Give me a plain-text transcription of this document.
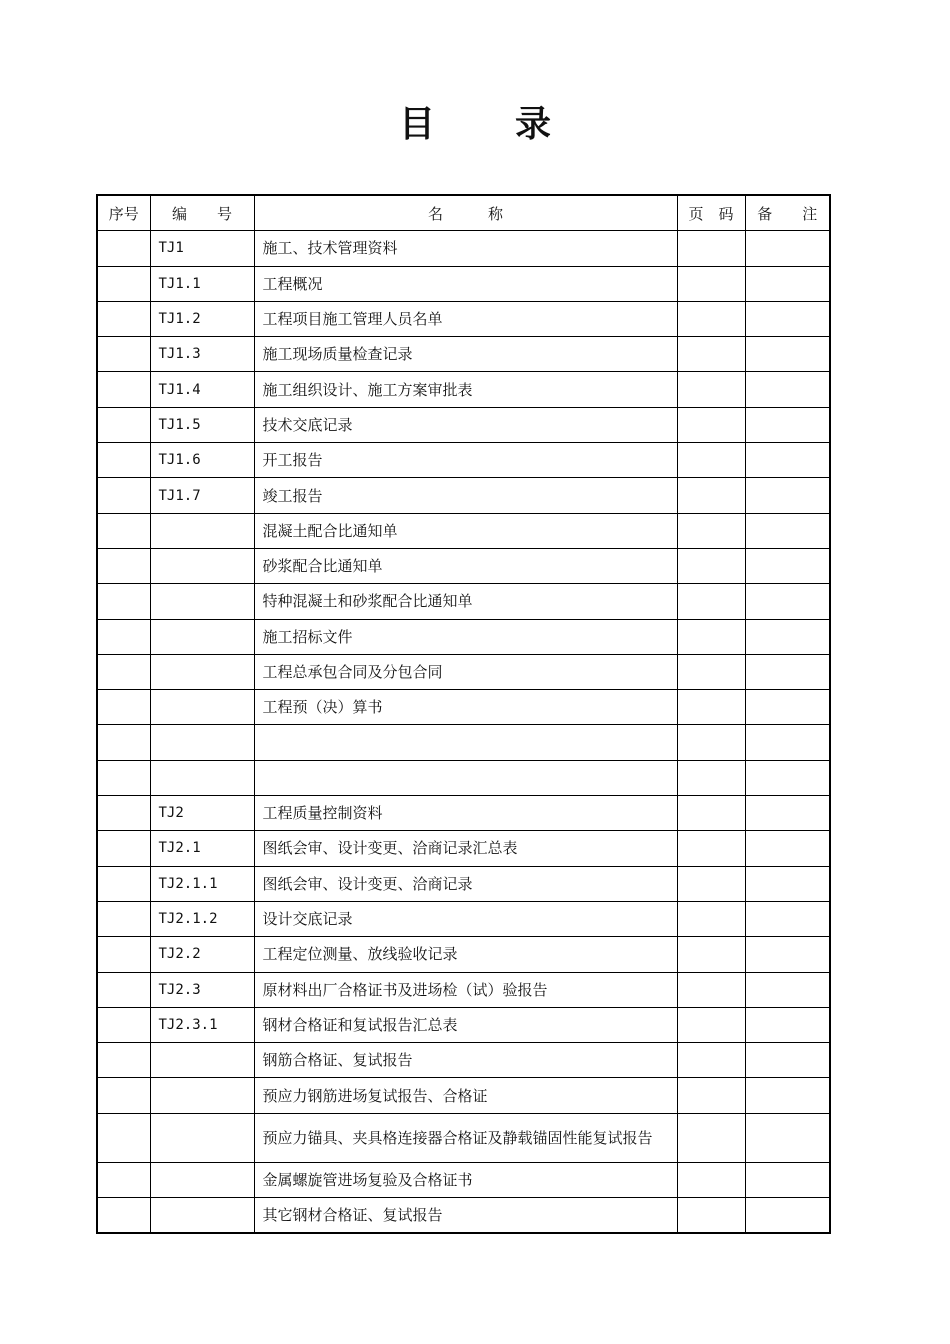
目 录
序号	编　　号	名　　　称	页　码	备　　注
	TJ1	施工、技术管理资料		
	TJ1.1	工程概况		
	TJ1.2	工程项目施工管理人员名单		
	TJ1.3	施工现场质量检查记录		
	TJ1.4	施工组织设计、施工方案审批表		
	TJ1.5	技术交底记录		
	TJ1.6	开工报告		
	TJ1.7	竣工报告		
		混凝土配合比通知单		
		砂浆配合比通知单		
		特种混凝土和砂浆配合比通知单		
		施工招标文件		
		工程总承包合同及分包合同		
		工程预（决）算书		

	TJ2	工程质量控制资料		
	TJ2.1	图纸会审、设计变更、洽商记录汇总表		
	TJ2.1.1	图纸会审、设计变更、洽商记录		
	TJ2.1.2	设计交底记录		
	TJ2.2	工程定位测量、放线验收记录		
	TJ2.3	原材料出厂合格证书及进场检（试）验报告		
	TJ2.3.1	钢材合格证和复试报告汇总表		
		钢筋合格证、复试报告		
		预应力钢筋进场复试报告、合格证		
		预应力锚具、夹具格连接器合格证及静载锚固性能复试报告		
		金属螺旋管进场复验及合格证书		
		其它钢材合格证、复试报告		
